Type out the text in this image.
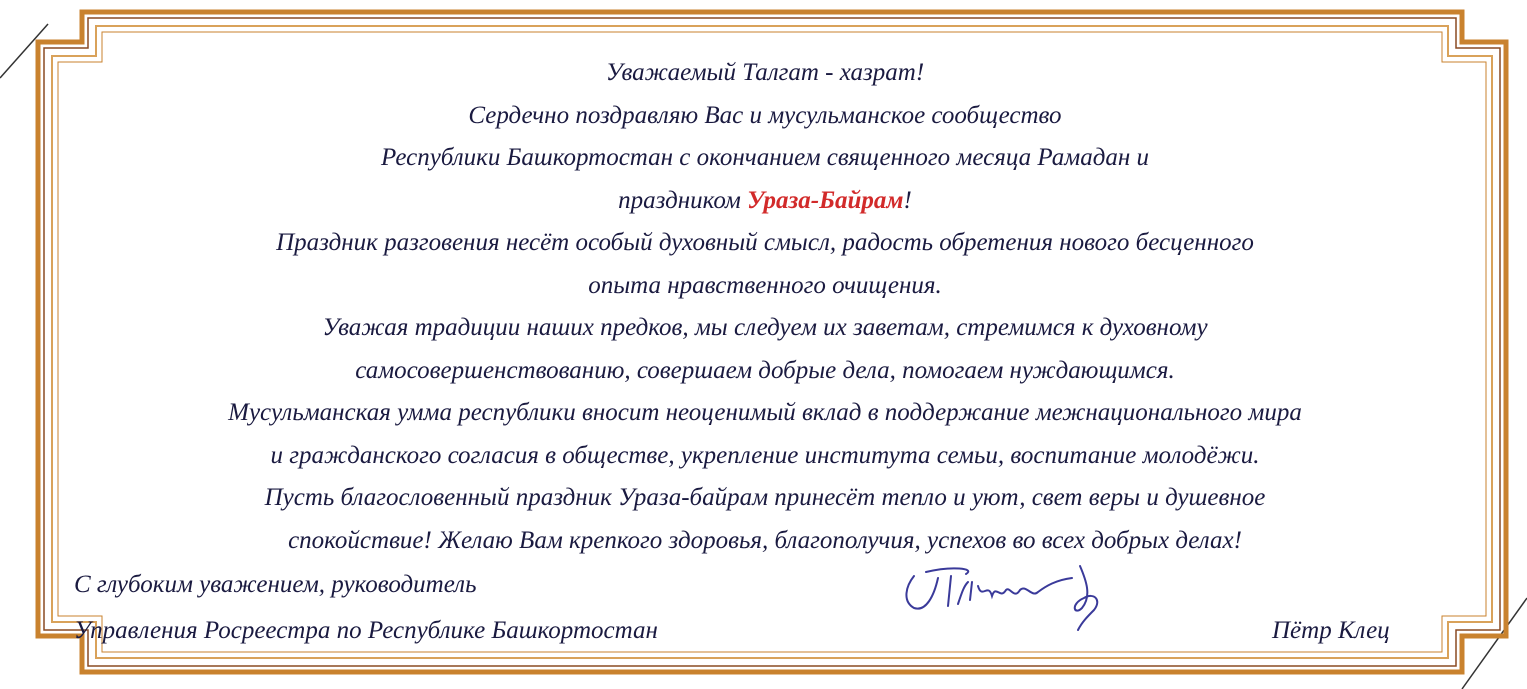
Уважаемый Талгат - хазрат!

Сердечно поздравляю Вас и мусульманское сообщество

Республики Башкортостан с окончанием священного месяца Рамадан и

праздником Ураза-Байрам!

Праздник разговения несёт особый духовный смысл, радость обретения нового бесценного

опыта нравственного очищения.

Уважая традиции наших предков, мы следуем их заветам, стремимся к духовному

самосовершенствованию, совершаем добрые дела, помогаем нуждающимся.

Мусульманская умма республики вносит неоценимый вклад в поддержание межнационального мира

и гражданского согласия в обществе, укрепление института семьи, воспитание молодёжи.

Пусть благословенный праздник Ураза-байрам принесёт тепло и уют, свет веры и душевное

спокойствие! Желаю Вам крепкого здоровья, благополучия, успехов во всех добрых делах!

С глубоким уважением, руководитель
Управления Росреестра по Республике Башкортостан	Пётр Клец
